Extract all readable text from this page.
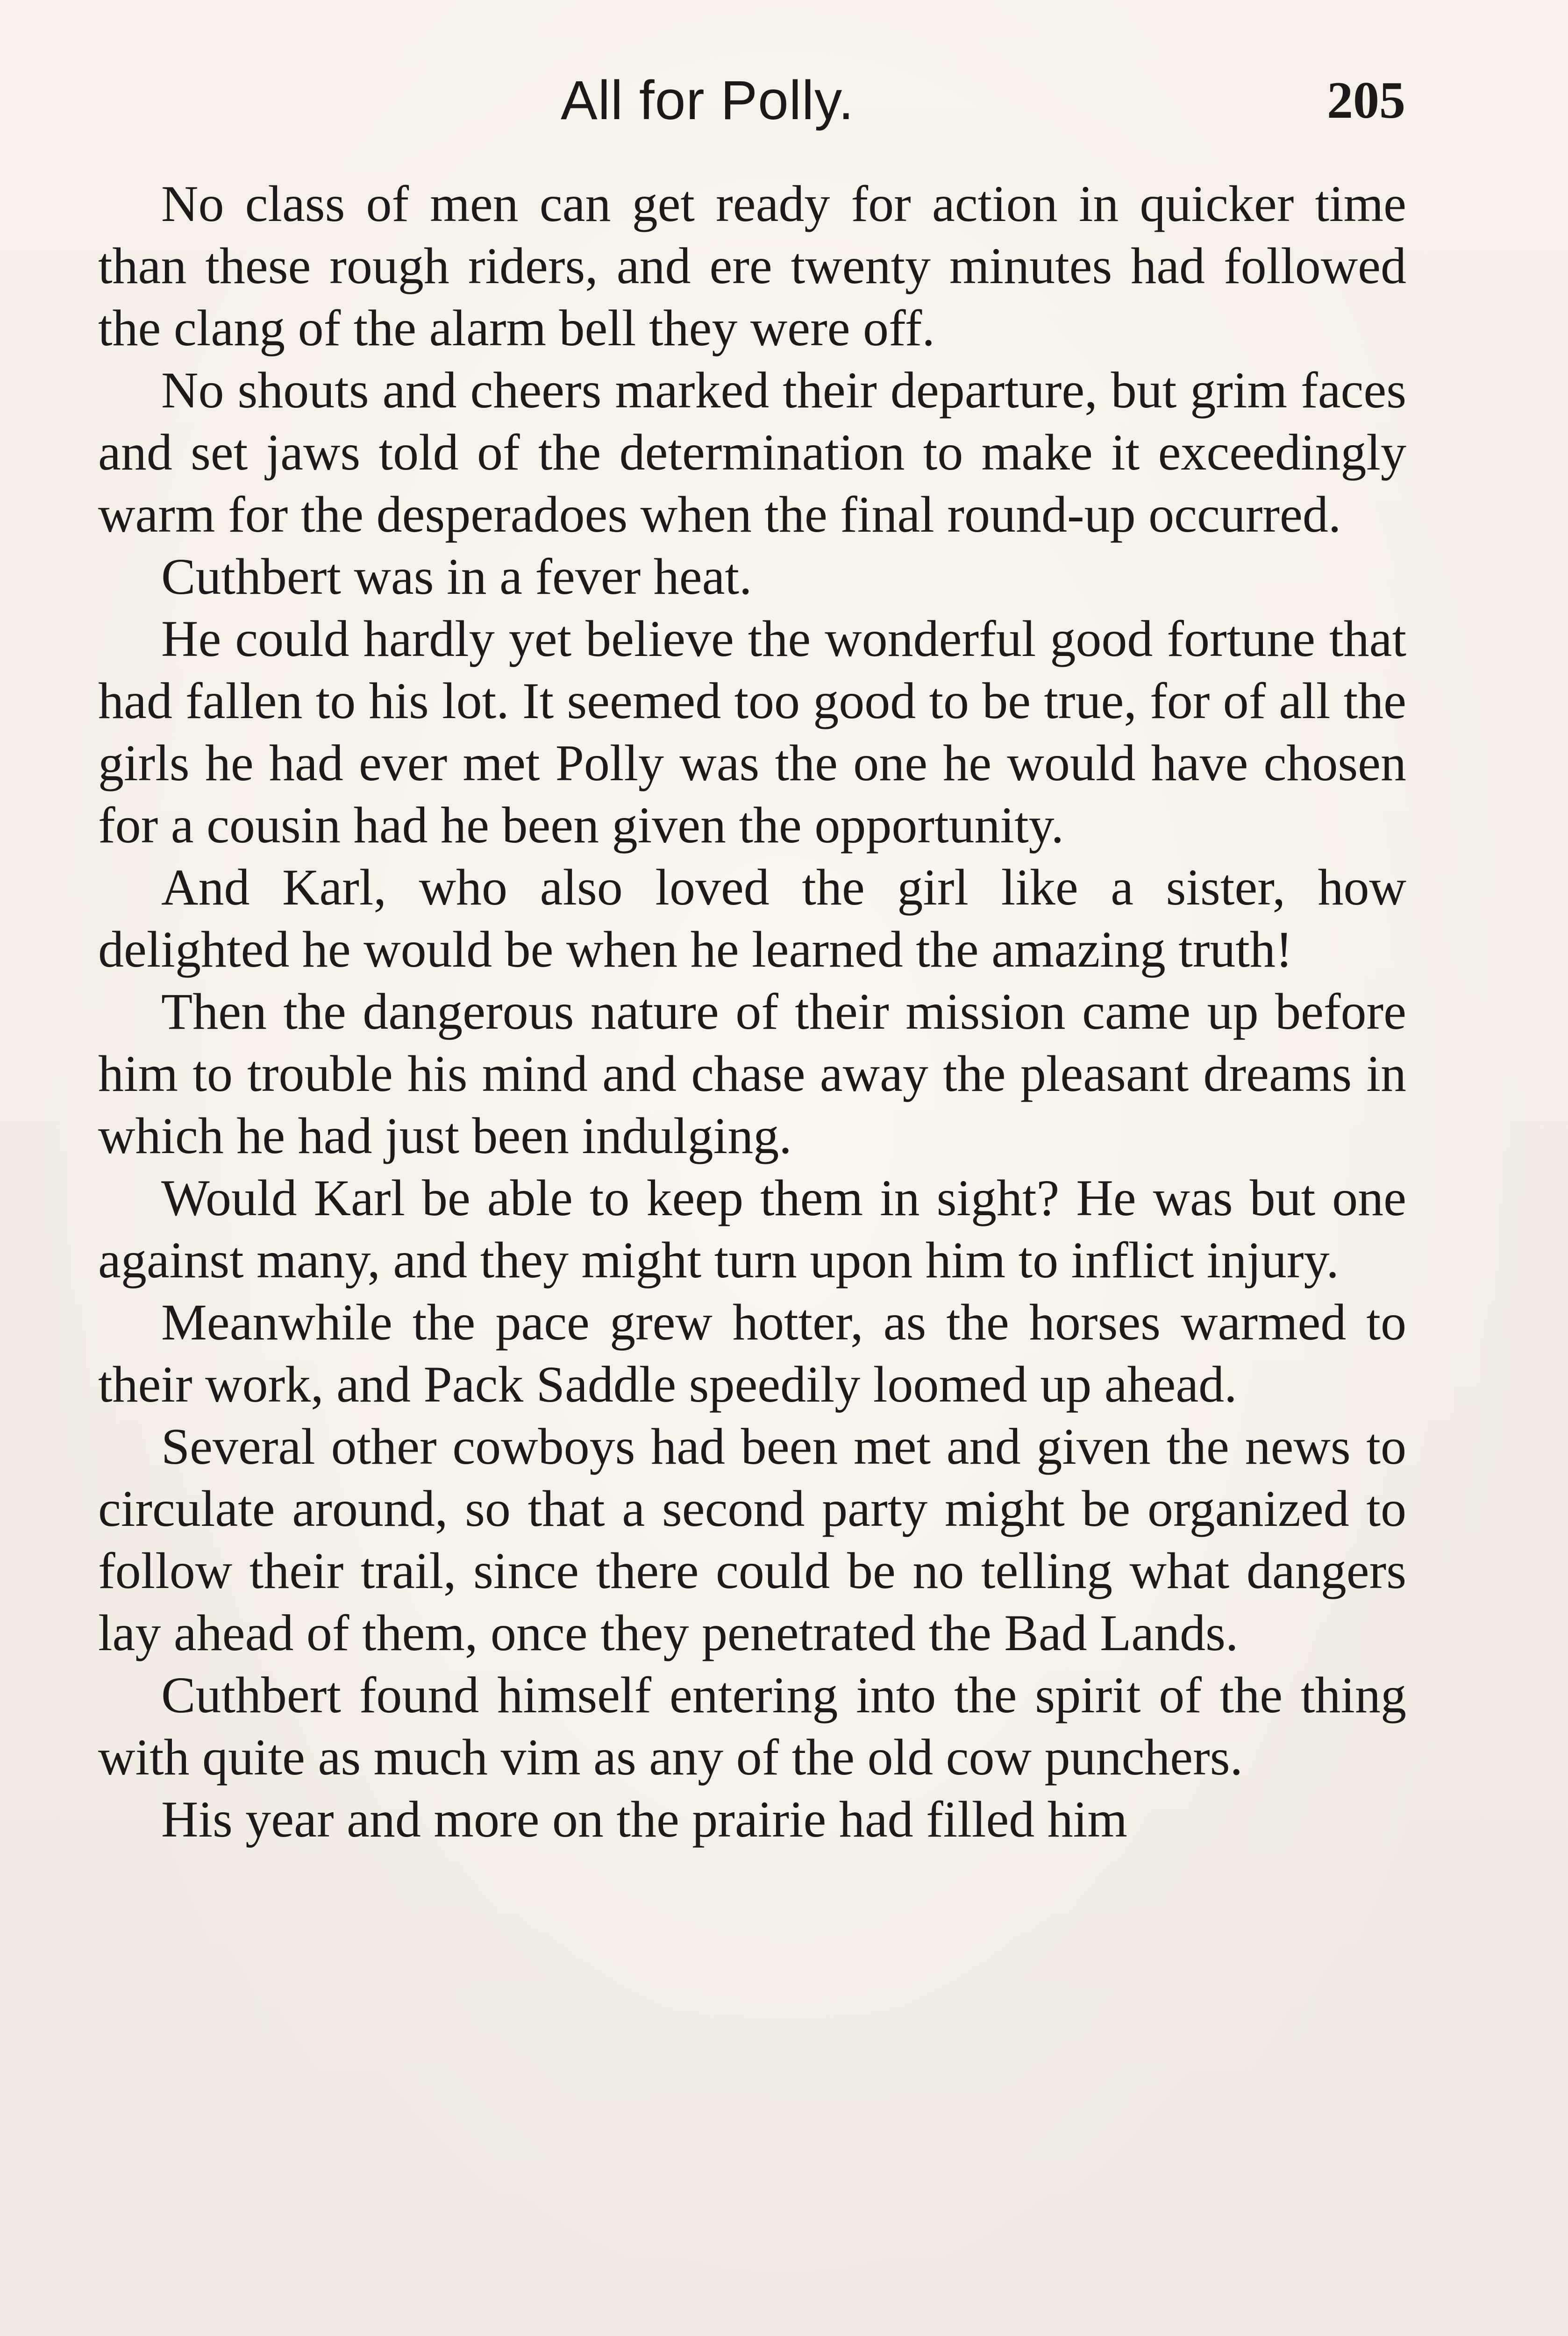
All for Polly.	205

No class of men can get ready for action in quicker time than these rough riders, and ere twenty minutes had followed the clang of the alarm bell they were off.

No shouts and cheers marked their departure, but grim faces and set jaws told of the determination to make it exceedingly warm for the desperadoes when the final round-up occurred.

Cuthbert was in a fever heat.

He could hardly yet believe the wonderful good fortune that had fallen to his lot. It seemed too good to be true, for of all the girls he had ever met Polly was the one he would have chosen for a cousin had he been given the opportunity.

And Karl, who also loved the girl like a sister, how delighted he would be when he learned the amazing truth!

Then the dangerous nature of their mission came up before him to trouble his mind and chase away the pleasant dreams in which he had just been indulging.

Would Karl be able to keep them in sight? He was but one against many, and they might turn upon him to inflict injury.

Meanwhile the pace grew hotter, as the horses warmed to their work, and Pack Saddle speedily loomed up ahead.

Several other cowboys had been met and given the news to circulate around, so that a second party might be organized to follow their trail, since there could be no telling what dangers lay ahead of them, once they penetrated the Bad Lands.

Cuthbert found himself entering into the spirit of the thing with quite as much vim as any of the old cow punchers.

His year and more on the prairie had filled him
